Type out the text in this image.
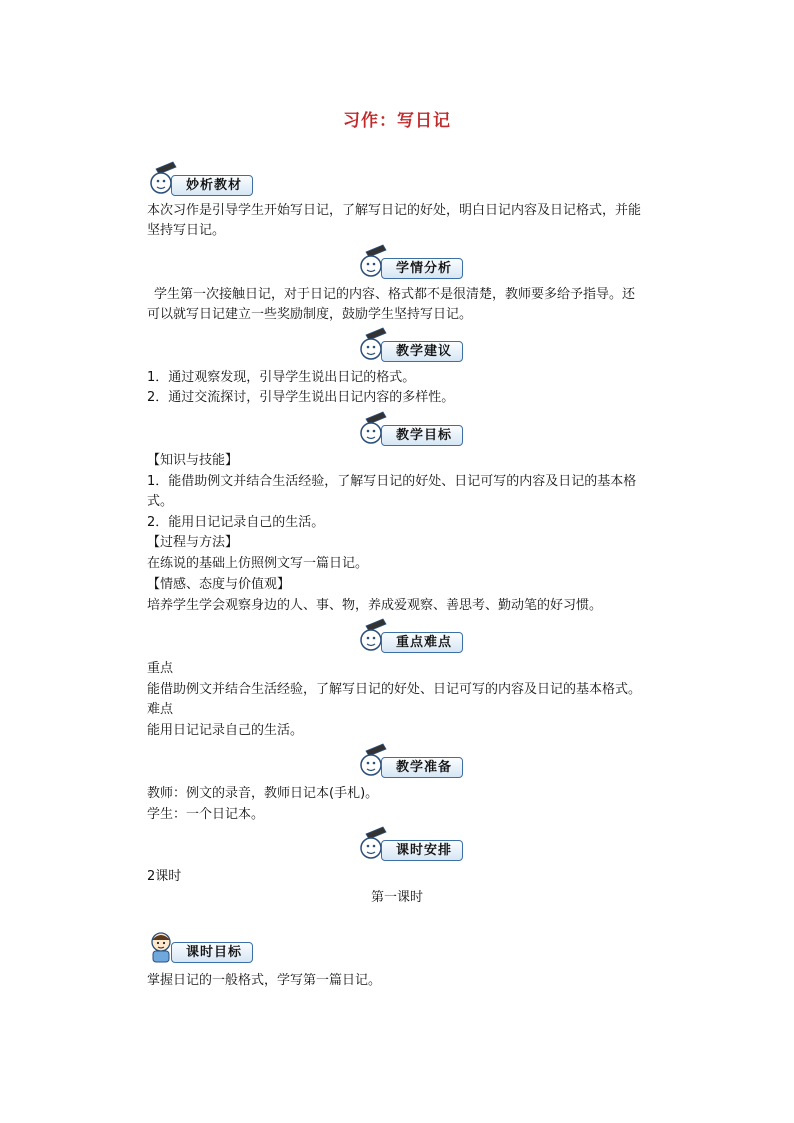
习作：写日记
妙析教材
本次习作是引导学生开始写日记，了解写日记的好处，明白日记内容及日记格式，并能
坚持写日记。
学情分析
学生第一次接触日记，对于日记的内容、格式都不是很清楚，教师要多给予指导。还
可以就写日记建立一些奖励制度，鼓励学生坚持写日记。
教学建议
1．通过观察发现，引导学生说出日记的格式。
2．通过交流探讨，引导学生说出日记内容的多样性。
教学目标
【知识与技能】
1．能借助例文并结合生活经验，了解写日记的好处、日记可写的内容及日记的基本格
式。
2．能用日记记录自己的生活。
【过程与方法】
在练说的基础上仿照例文写一篇日记。
【情感、态度与价值观】
培养学生学会观察身边的人、事、物，养成爱观察、善思考、勤动笔的好习惯。
重点难点
重点
能借助例文并结合生活经验，了解写日记的好处、日记可写的内容及日记的基本格式。
难点
能用日记记录自己的生活。
教学准备
教师：例文的录音，教师日记本(手札)。
学生：一个日记本。
课时安排
2课时
第一课时
课时目标
掌握日记的一般格式，学写第一篇日记。
